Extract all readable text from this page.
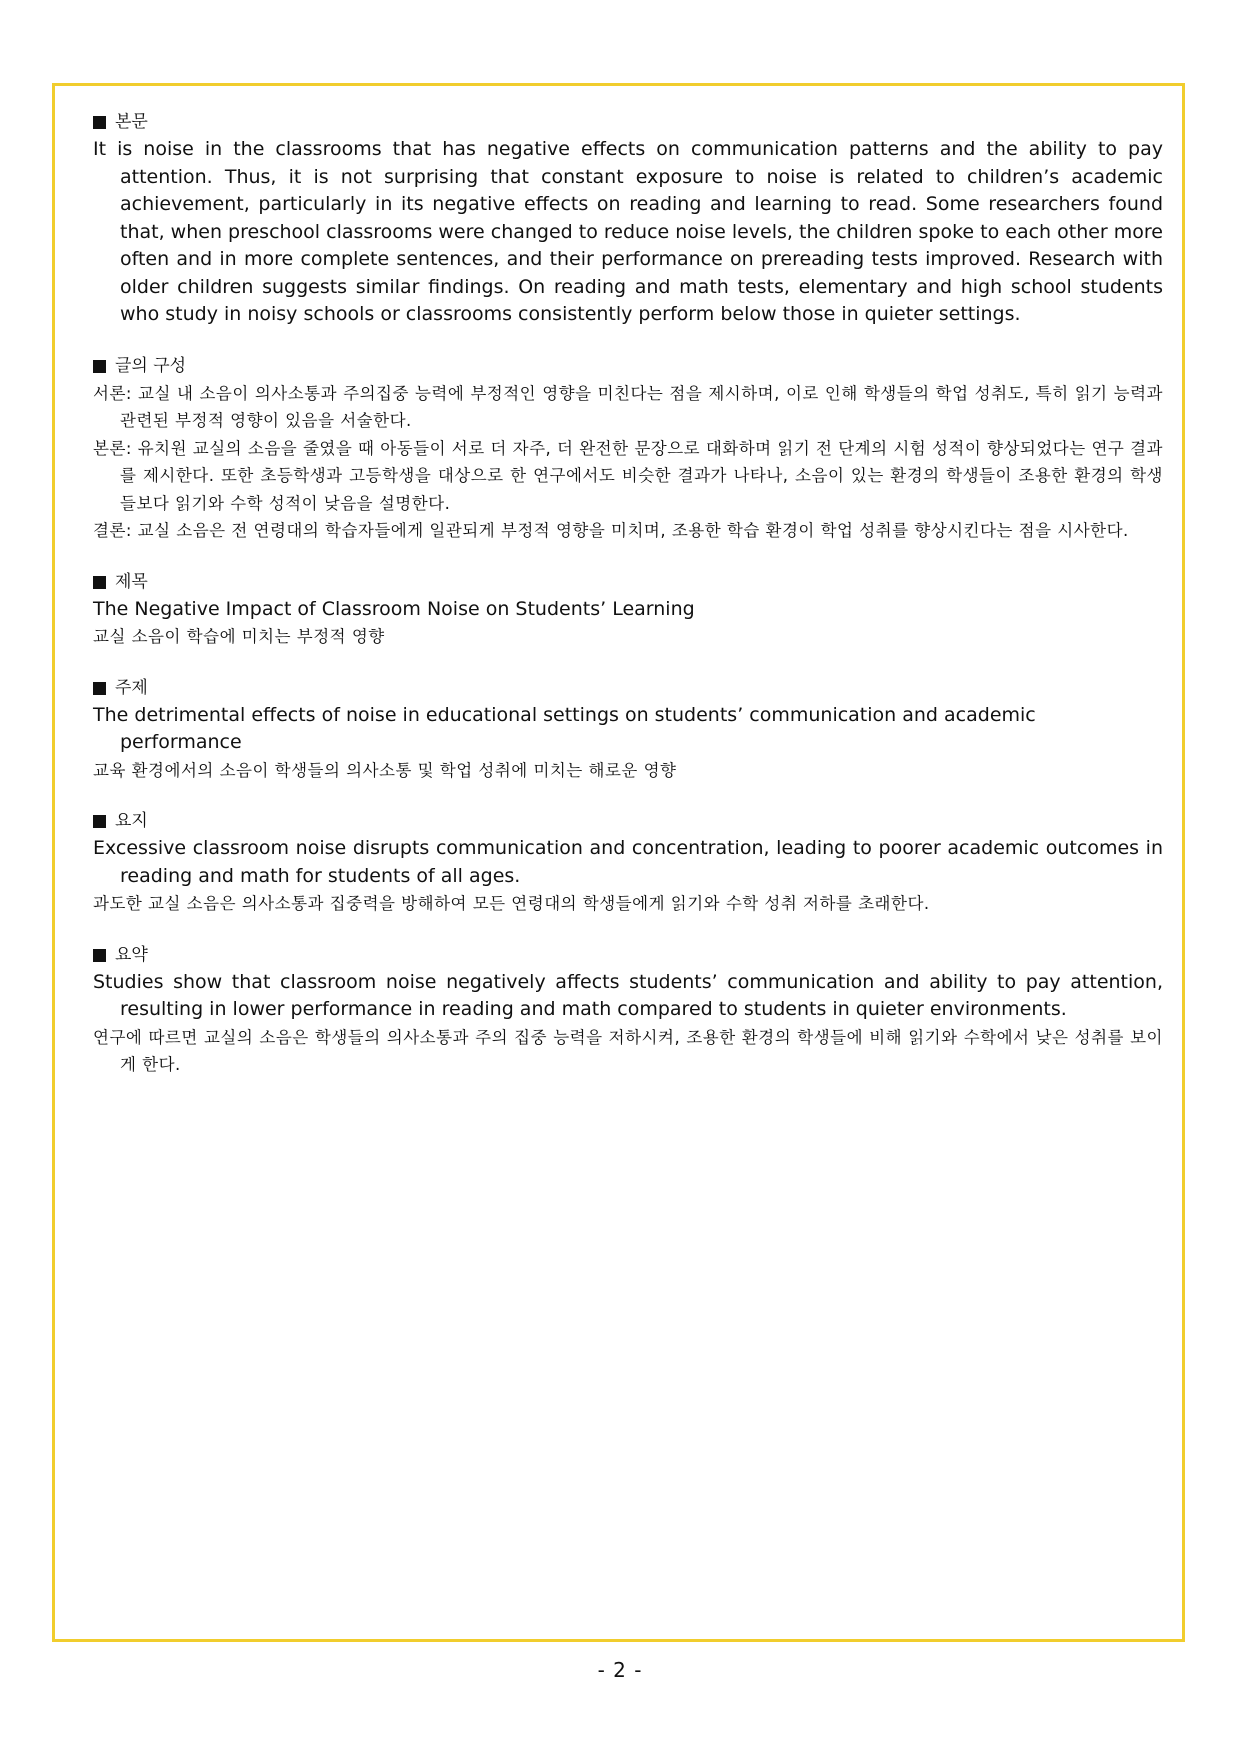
본문

It is noise in the classrooms that has negative effects on communication patterns and the ability to pay attention. Thus, it is not surprising that constant exposure to noise is related to children’s academic achievement, particularly in its negative effects on reading and learning to read. Some researchers found that, when preschool classrooms were changed to reduce noise levels, the children spoke to each other more often and in more complete sentences, and their performance on prereading tests improved. Research with older children suggests similar findings. On reading and math tests, elementary and high school students who study in noisy schools or classrooms consistently perform below those in quieter settings.

글의 구성

서론: 교실 내 소음이 의사소통과 주의집중 능력에 부정적인 영향을 미친다는 점을 제시하며, 이로 인해 학생들의 학업 성취도, 특히 읽기 능력과 관련된 부정적 영향이 있음을 서술한다.

본론: 유치원 교실의 소음을 줄였을 때 아동들이 서로 더 자주, 더 완전한 문장으로 대화하며 읽기 전 단계의 시험 성적이 향상되었다는 연구 결과를 제시한다. 또한 초등학생과 고등학생을 대상으로 한 연구에서도 비슷한 결과가 나타나, 소음이 있는 환경의 학생들이 조용한 환경의 학생들보다 읽기와 수학 성적이 낮음을 설명한다.

결론: 교실 소음은 전 연령대의 학습자들에게 일관되게 부정적 영향을 미치며, 조용한 학습 환경이 학업 성취를 향상시킨다는 점을 시사한다.

제목

The Negative Impact of Classroom Noise on Students’ Learning

교실 소음이 학습에 미치는 부정적 영향

주제

The detrimental effects of noise in educational settings on students’ communication and academic performance

교육 환경에서의 소음이 학생들의 의사소통 및 학업 성취에 미치는 해로운 영향

요지

Excessive classroom noise disrupts communication and concentration, leading to poorer academic outcomes in reading and math for students of all ages.

과도한 교실 소음은 의사소통과 집중력을 방해하여 모든 연령대의 학생들에게 읽기와 수학 성취 저하를 초래한다.

요약

Studies show that classroom noise negatively affects students’ communication and ability to pay attention, resulting in lower performance in reading and math compared to students in quieter environments.

연구에 따르면 교실의 소음은 학생들의 의사소통과 주의 집중 능력을 저하시켜, 조용한 환경의 학생들에 비해 읽기와 수학에서 낮은 성취를 보이게 한다.

- 2 -
